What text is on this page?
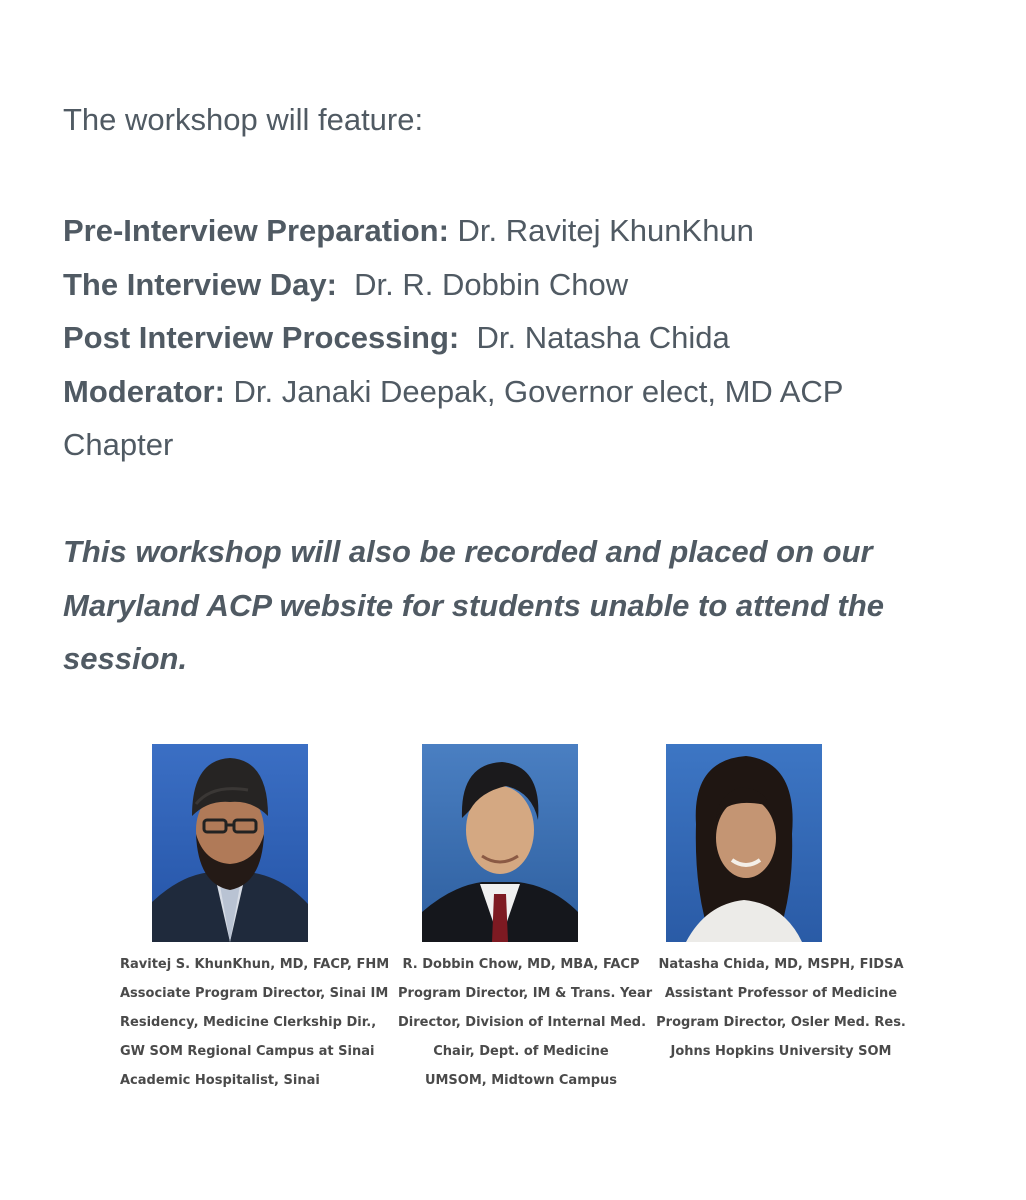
The workshop will feature:

Pre-Interview Preparation: Dr. Ravitej KhunKhun
The Interview Day: Dr. R. Dobbin Chow
Post Interview Processing: Dr. Natasha Chida
Moderator: Dr. Janaki Deepak, Governor elect, MD ACP
Chapter

This workshop will also be recorded and placed on our Maryland ACP website for students unable to attend the session.

Ravitej S. KhunKhun, MD, FACP, FHM
Associate Program Director, Sinai IM
Residency, Medicine Clerkship Dir.,
GW SOM Regional Campus at Sinai
Academic Hospitalist, Sinai
R. Dobbin Chow, MD, MBA, FACP
Program Director, IM & Trans. Year
Director, Division of Internal Med.
Chair, Dept. of Medicine
UMSOM, Midtown Campus
Natasha Chida, MD, MSPH, FIDSA
Assistant Professor of Medicine
Program Director, Osler Med. Res.
Johns Hopkins University SOM
